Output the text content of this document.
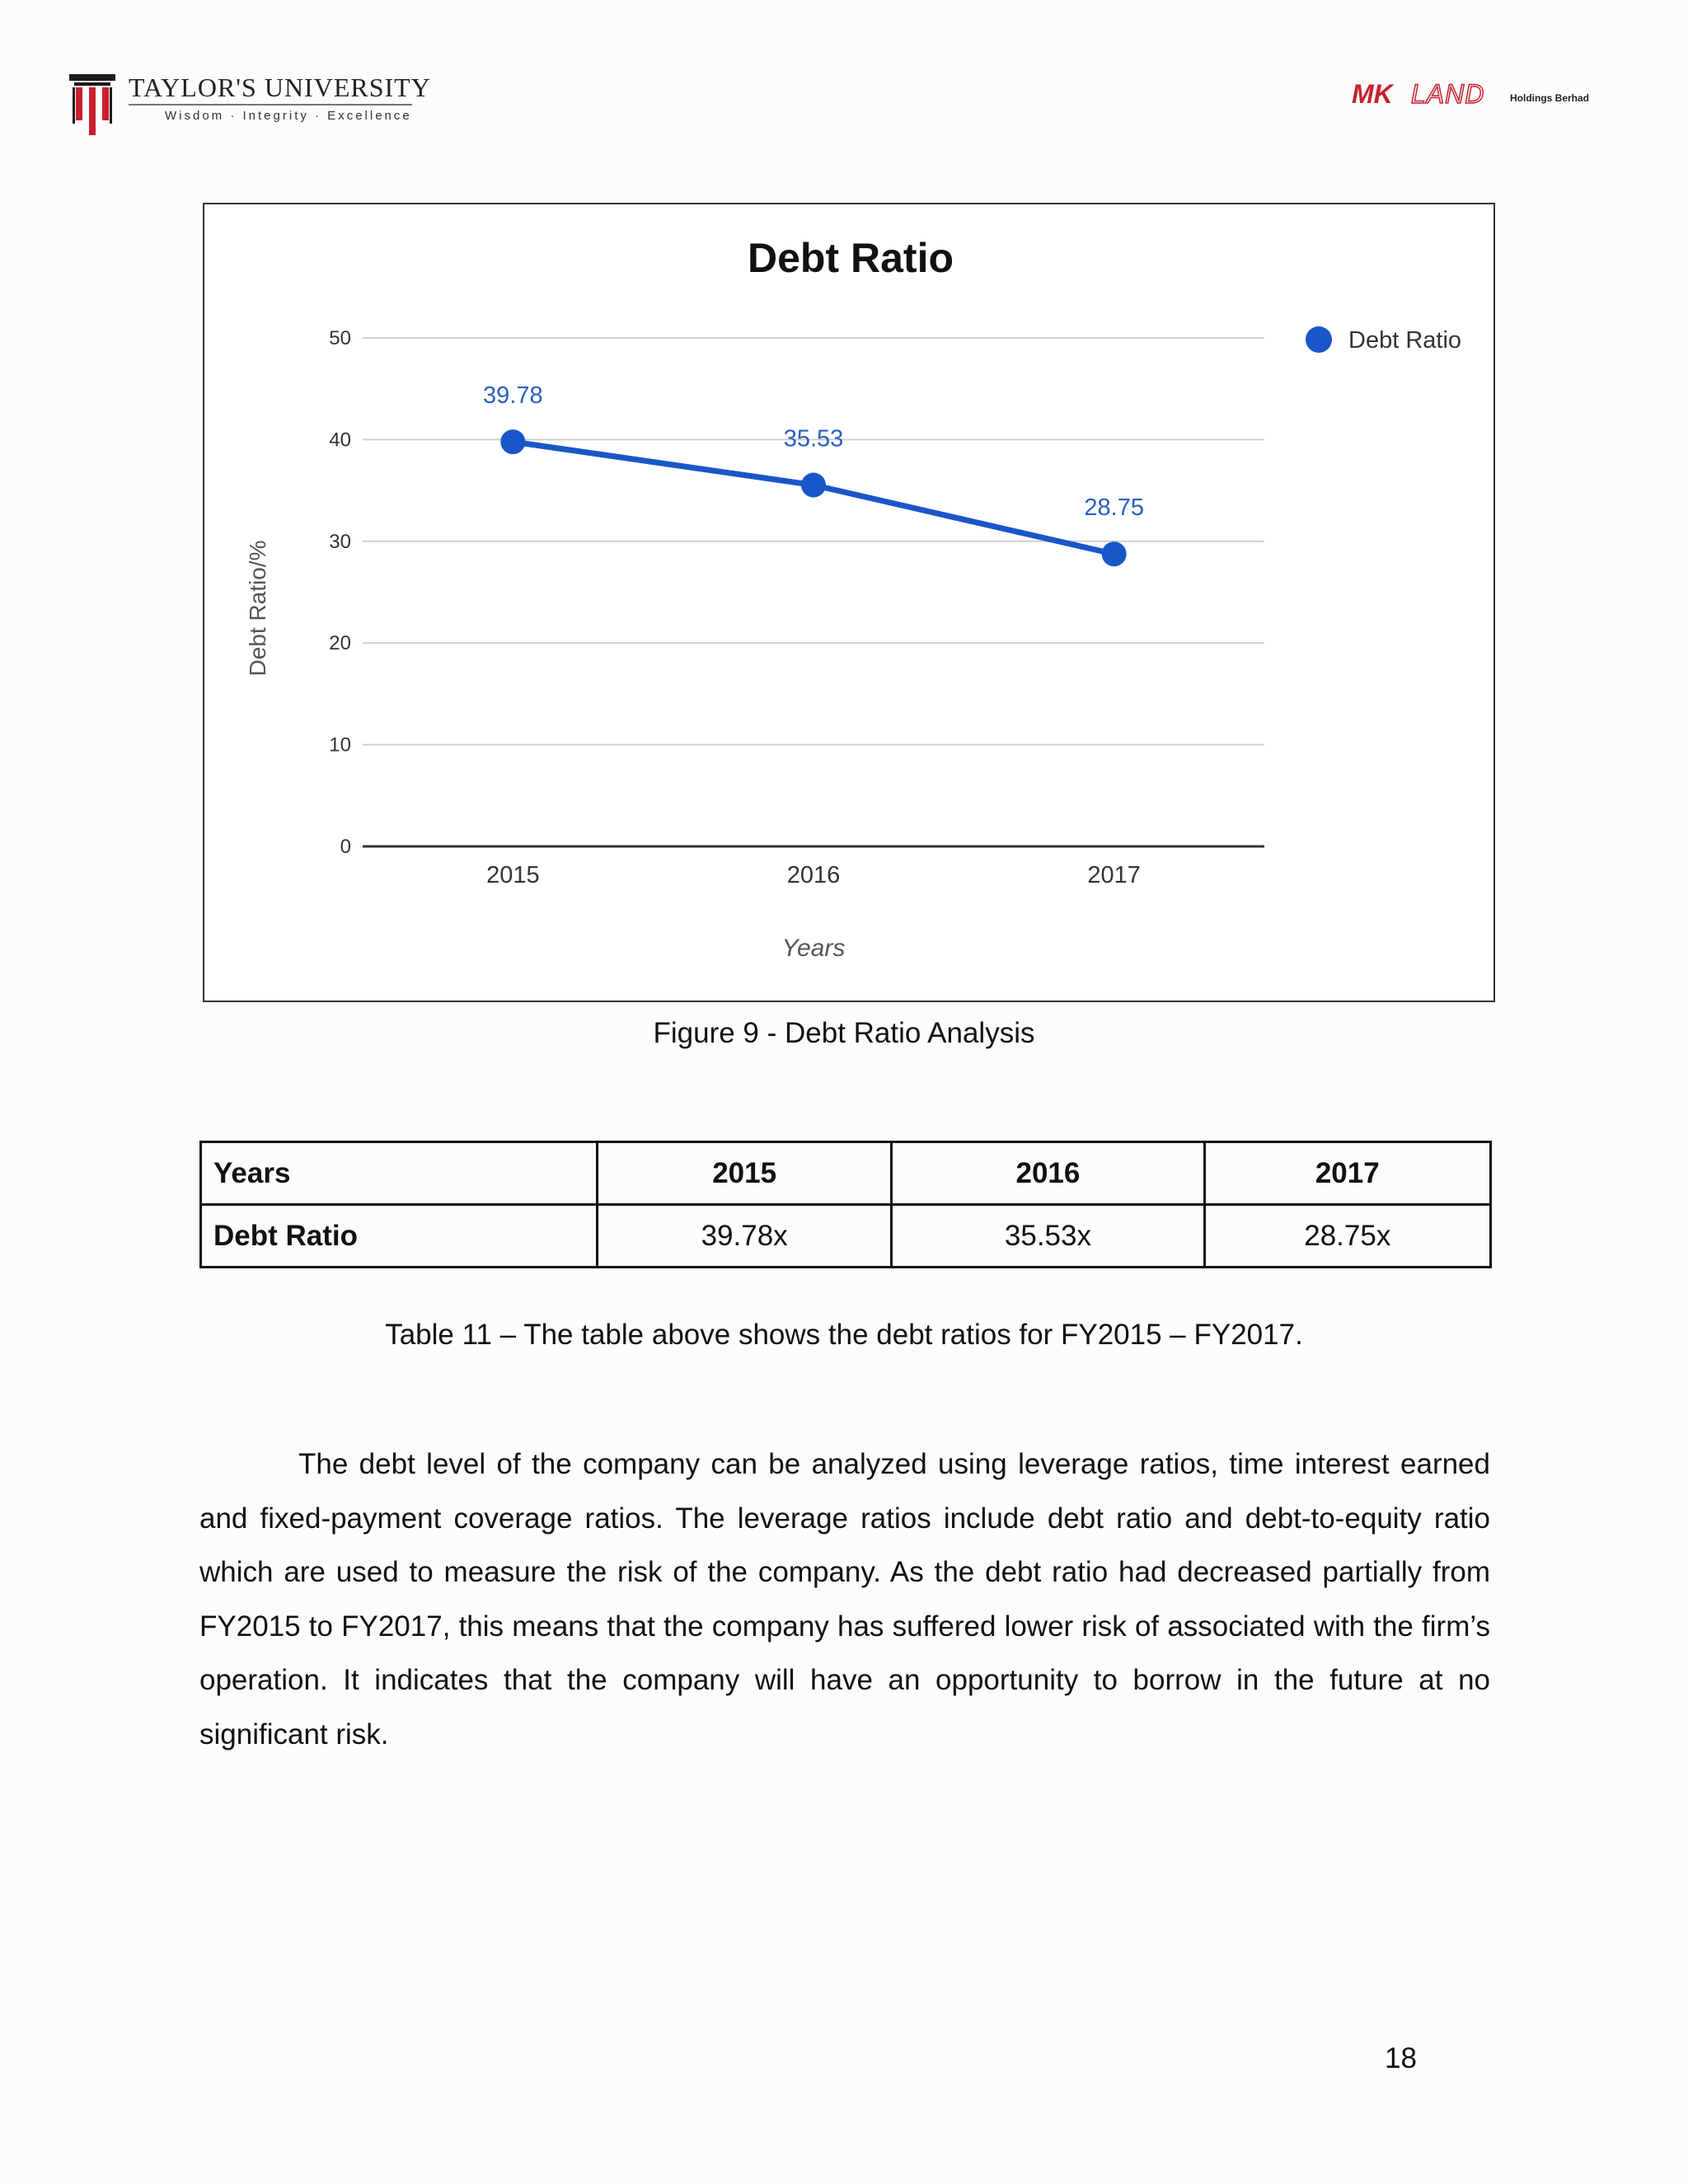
TAYLOR'S UNIVERSITY
Wisdom · Integrity · Excellence
MK LAND	Holdings Berhad
Debt Ratio
Debt Ratio/%
Years
0
10
20
30
40
50
2015	2016	2017
39.78
35.53
28.75
Debt Ratio
Figure 9 - Debt Ratio Analysis
Years	2015	2016	2017
Debt Ratio	39.78x	35.53x	28.75x
Table 11 – The table above shows the debt ratios for FY2015 – FY2017.

The debt level of the company can be analyzed using leverage ratios, time interest earned and fixed-payment coverage ratios. The leverage ratios include debt ratio and debt-to-equity ratio which are used to measure the risk of the company. As the debt ratio had decreased partially from FY2015 to FY2017, this means that the company has suffered lower risk of associated with the firm’s operation. It indicates that the company will have an opportunity to borrow in the future at no significant risk.

18
